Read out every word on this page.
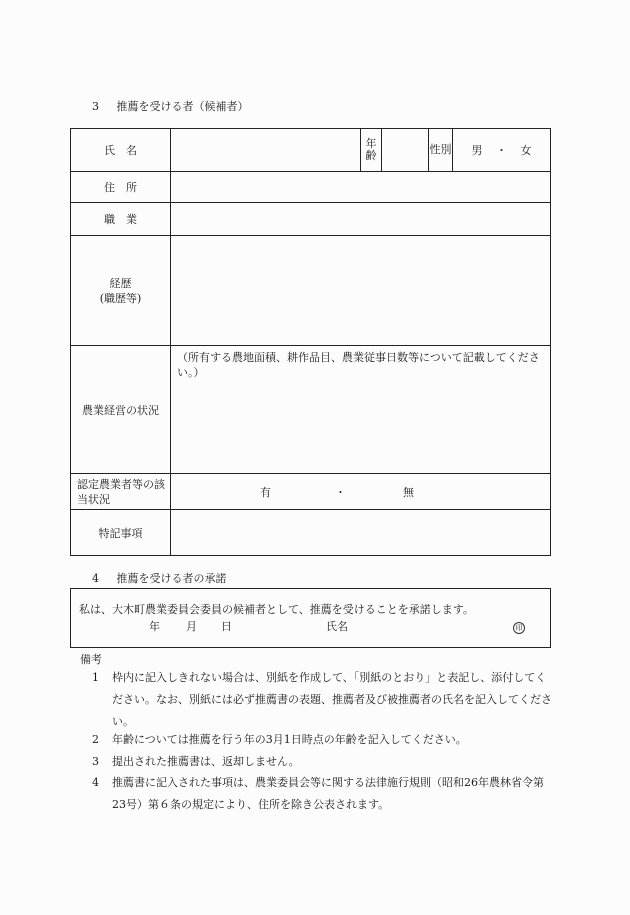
3 推薦を受ける者（候補者）
氏　名		年齢		性別	男 ・ 女
住　所					
職　業					

経歴
(職歴等)					

農業経営の状況	（所有する農地面積、耕作品目、農業従事日数等について記載してください。）				
認定農業者等の該当状況	有 ・ 無				

特記事項					
4 推薦を受ける者の承諾
私は、大木町農業委員会委員の候補者として、推薦を受けることを承諾します。
年 月 日	氏名	印
備考
1	枠内に記入しきれない場合は、別紙を作成して、「別紙のとおり」と表記し、添付してください。なお、別紙には必ず推薦書の表題、推薦者及び被推薦者の氏名を記入してください。
2	年齢については推薦を行う年の3月1日時点の年齢を記入してください。
3	提出された推薦書は、返却しません。
4	推薦書に記入された事項は、農業委員会等に関する法律施行規則（昭和26年農林省令第23号）第６条の規定により、住所を除き公表されます。
